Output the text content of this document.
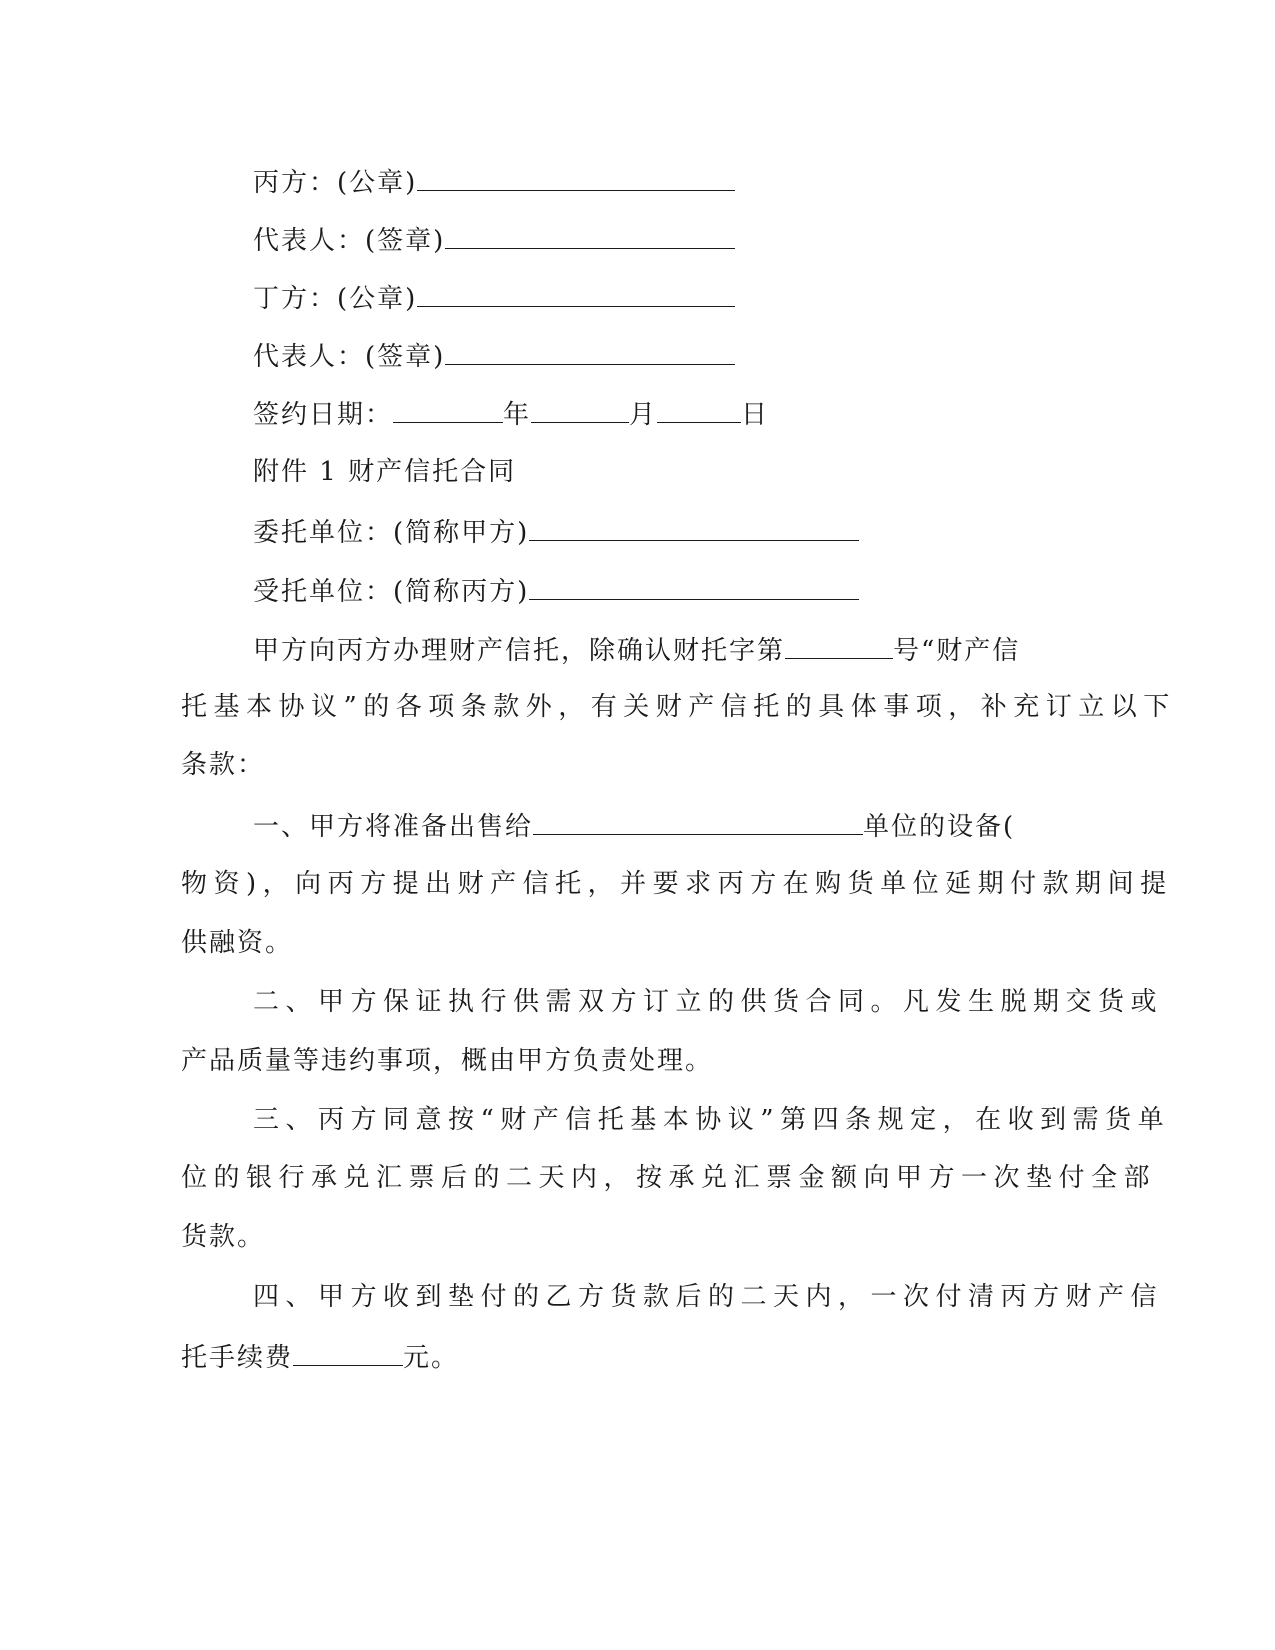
丙方：(公章)
代表人：(签章)
丁方：(公章)
代表人：(签章)
签约日期：	年	月	日
附件 1 财产信托合同
委托单位：(简称甲方)
受托单位：(简称丙方)
甲方向丙方办理财产信托，除确认财托字第	号“财产信
托基本协议”的各项条款外，有关财产信托的具体事项，补充订立以下
条款：
一、甲方将准备出售给	单位的设备(
物资)，向丙方提出财产信托，并要求丙方在购货单位延期付款期间提
供融资。
二、甲方保证执行供需双方订立的供货合同。凡发生脱期交货或
产品质量等违约事项，概由甲方负责处理。
三、丙方同意按“财产信托基本协议”第四条规定，在收到需货单
位的银行承兑汇票后的二天内，按承兑汇票金额向甲方一次垫付全部
货款。
四、甲方收到垫付的乙方货款后的二天内，一次付清丙方财产信
托手续费	元。
